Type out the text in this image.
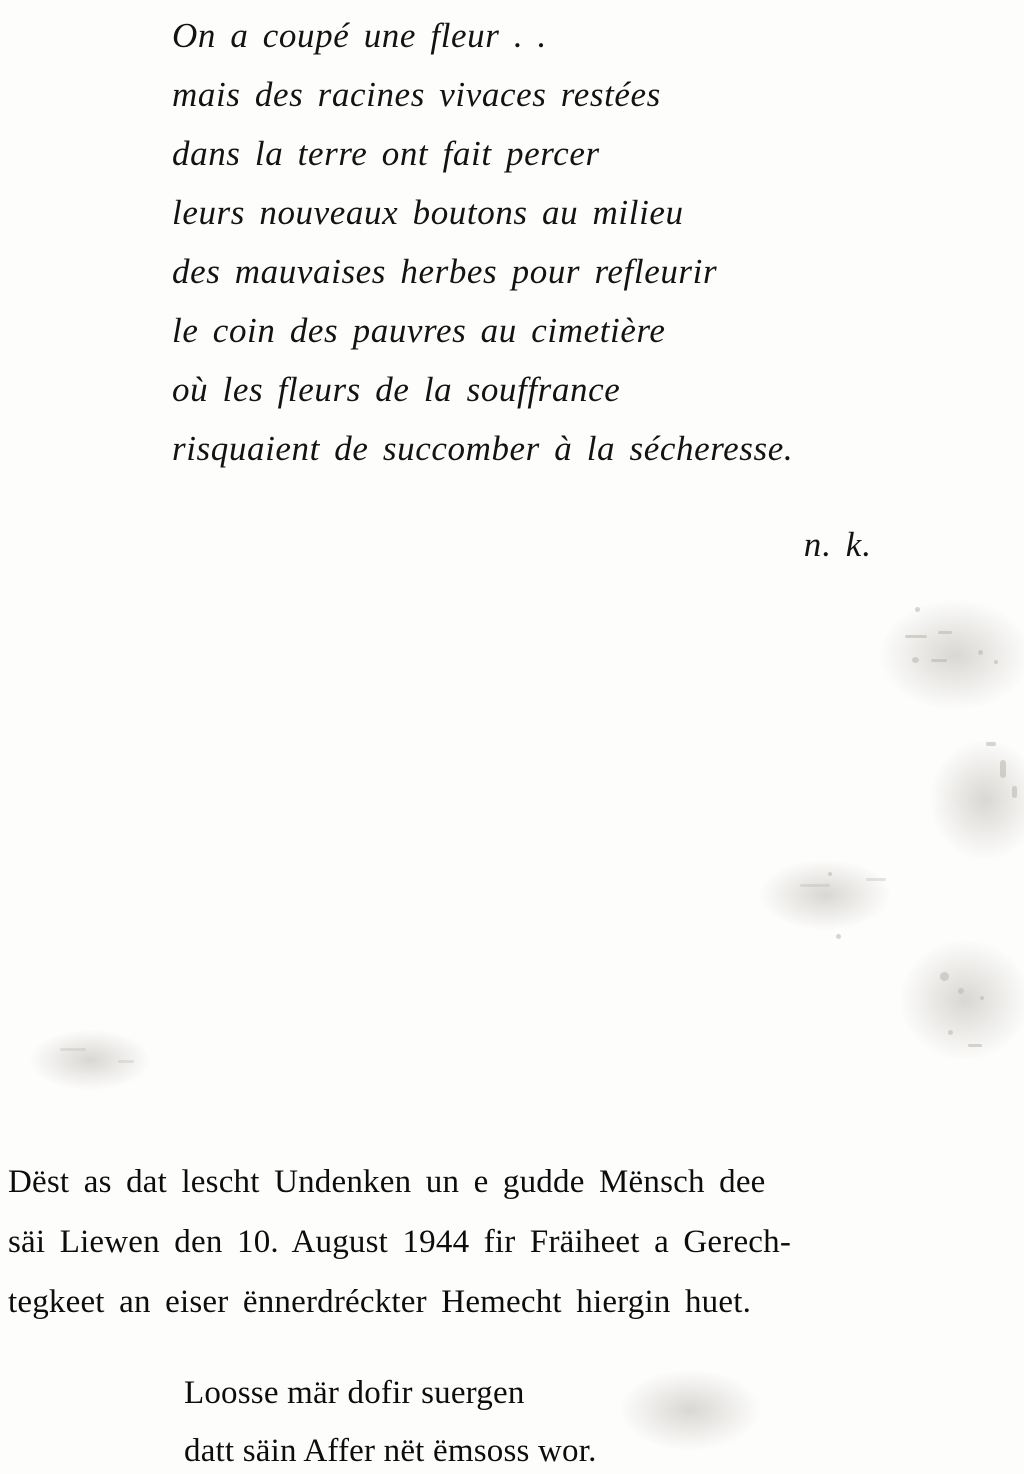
On a coupé une fleur . .
mais des racines vivaces restées
dans la terre ont fait percer
leurs nouveaux boutons au milieu
des mauvaises herbes pour refleurir
le coin des pauvres au cimetière
où les fleurs de la souffrance
risquaient de succomber à la sécheresse.
n. k.
Dëst as dat lescht Undenken un e gudde Mënsch dee
säi Liewen den 10. August 1944 fir Fräiheet a Gerech-
tegkeet an eiser ënnerdréckter Hemecht hiergin huet.
Loosse mär dofir suergen
datt säin Affer nët ëmsoss wor.
